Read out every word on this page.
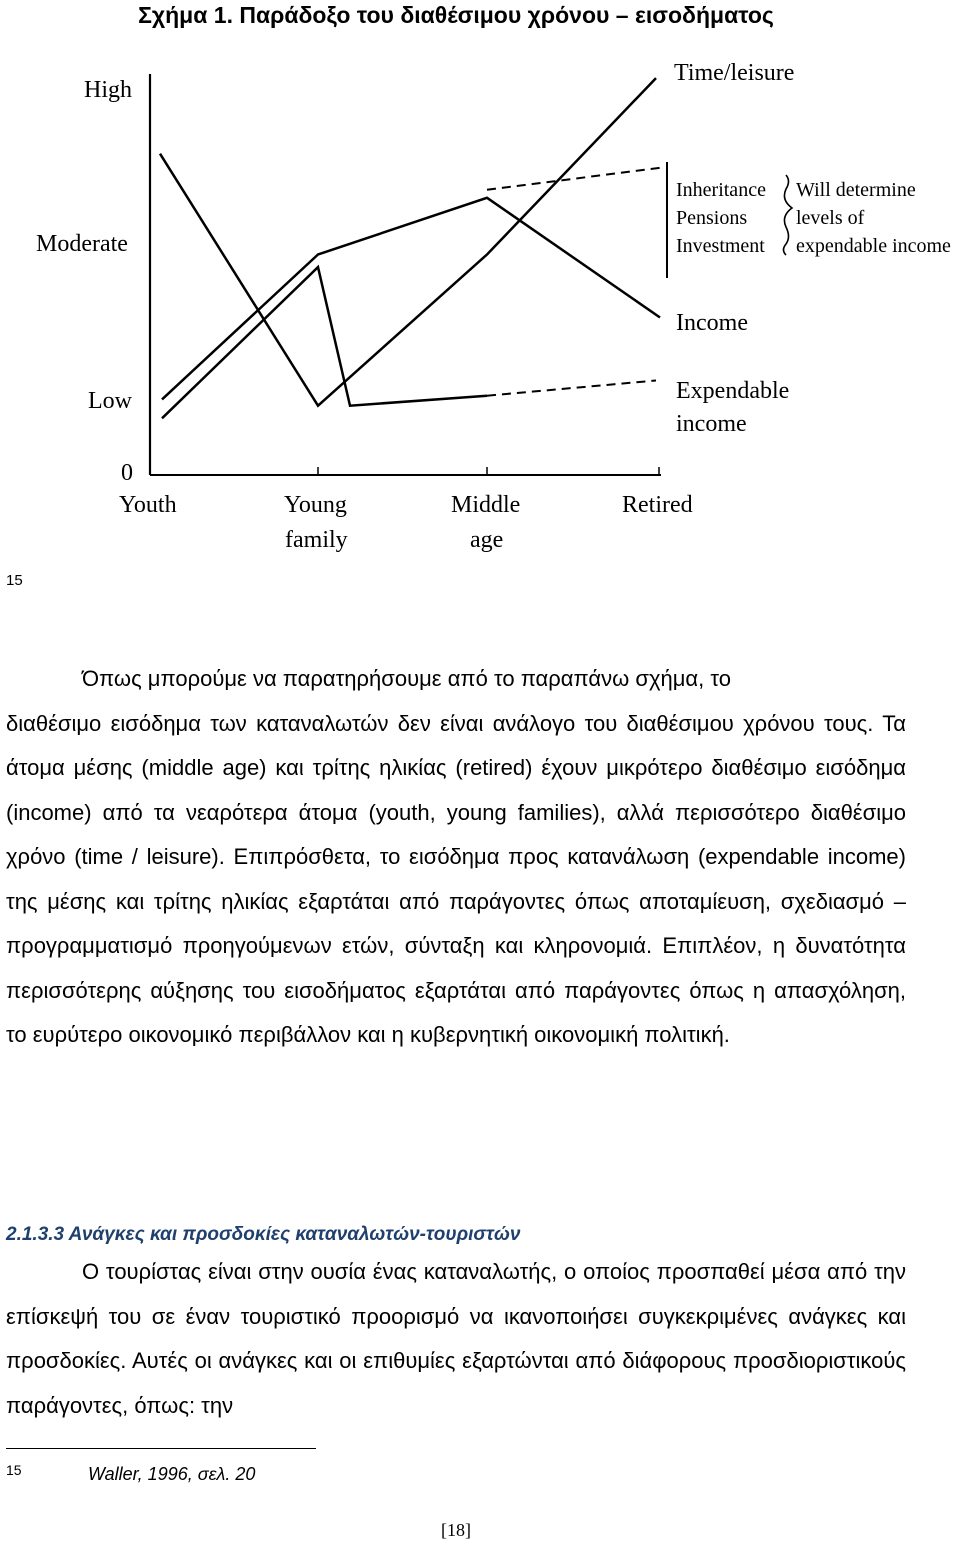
Σχήμα 1. Παράδοξο του διαθέσιμου χρόνου – εισοδήματος
High
Moderate
Low
0
Youth	Young
family
Middle
age
Retired
Time/leisure
Income
Expendable
income
Inheritance
Pensions
Investment
Will determine
levels of
expendable income
15
Όπως μπορούμε να παρατηρήσουμε από το παραπάνω σχήμα, το
διαθέσιμο εισόδημα των καταναλωτών δεν είναι ανάλογο του διαθέσιμου χρόνου τους. Τα άτομα μέσης (middle age) και τρίτης ηλικίας (retired) έχουν μικρότερο διαθέσιμο εισόδημα (income) από τα νεαρότερα άτομα (youth, young families), αλλά περισσότερο διαθέσιμο χρόνο (time / leisure). Επιπρόσθετα, το εισόδημα προς κατανάλωση (expendable income) της μέσης και τρίτης ηλικίας εξαρτάται από παράγοντες όπως αποταμίευση, σχεδιασμό – προγραμματισμό προηγούμενων ετών, σύνταξη και κληρονομιά. Επιπλέον, η δυνατότητα περισσότερης αύξησης του εισοδήματος εξαρτάται από παράγοντες όπως η απασχόληση, το ευρύτερο οικονομικό περιβάλλον και η κυβερνητική οικονομική πολιτική.
2.1.3.3 Ανάγκες και προσδοκίες καταναλωτών-τουριστών
Ο τουρίστας είναι στην ουσία ένας καταναλωτής, ο οποίος προσπαθεί μέσα από την επίσκεψή του σε έναν τουριστικό προορισμό να ικανοποιήσει συγκεκριμένες ανάγκες και προσδοκίες. Αυτές οι ανάγκες και οι επιθυμίες εξαρτώνται από διάφορους προσδιοριστικούς παράγοντες, όπως: την
15	Waller, 1996, σελ. 20
[18]
